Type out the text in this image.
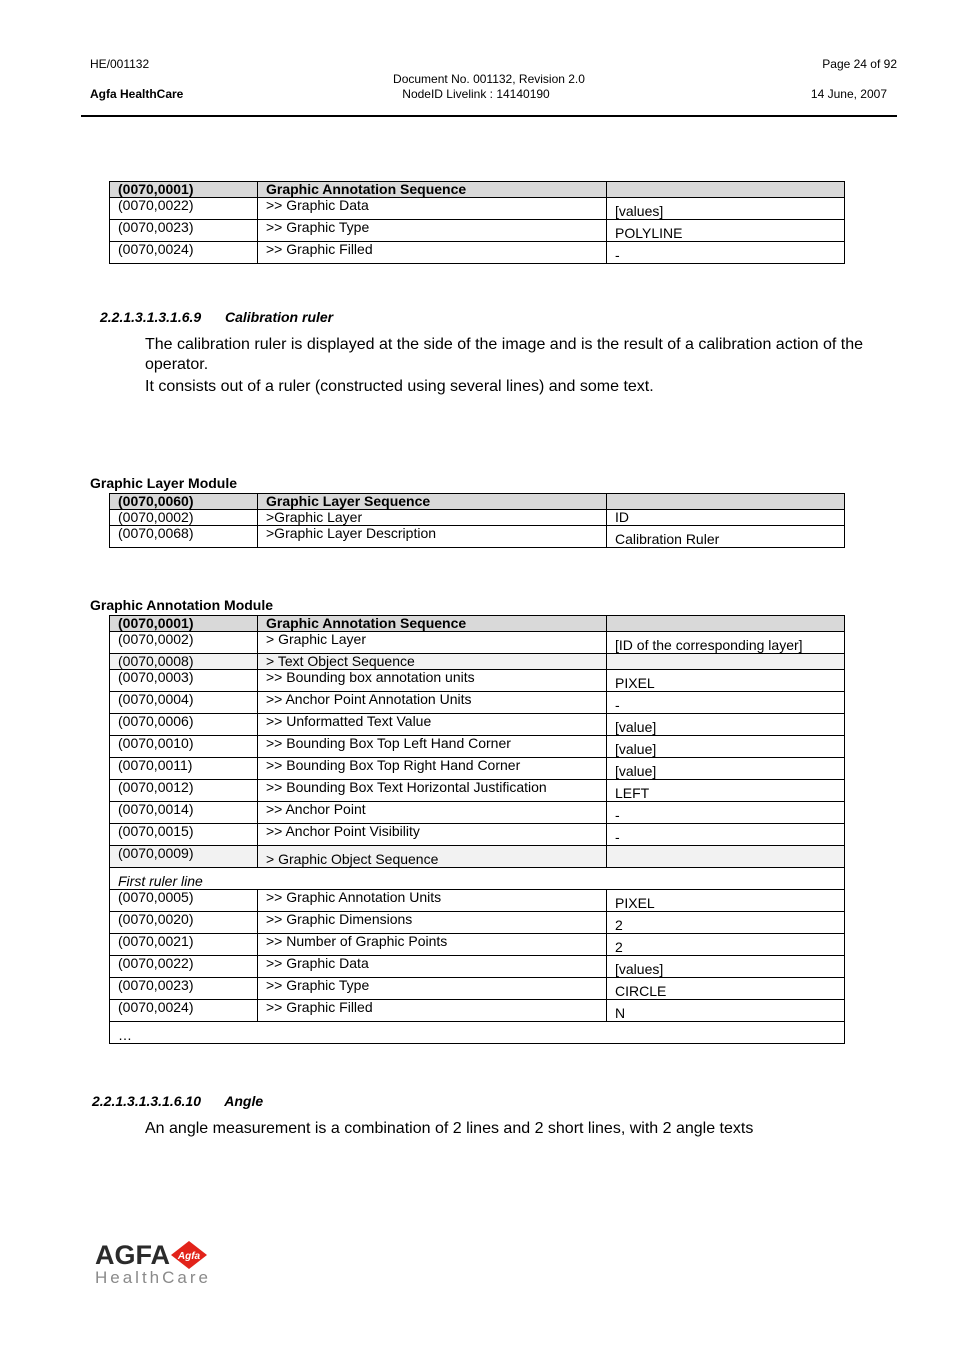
HE/001132
Agfa HealthCare
Document No. 001132, Revision 2.0
NodeID Livelink : 14140190
Page 24 of 92
14 June, 2007
(0070,0001)	Graphic Annotation Sequence	
(0070,0022)	>> Graphic Data	[values]
(0070,0023)	>> Graphic Type	POLYLINE
(0070,0024)	>> Graphic Filled	-
2.2.1.3.1.3.1.6.9 Calibration ruler
The calibration ruler is displayed at the side of the image and is the result of a calibration action of the operator.
It consists out of a ruler (constructed using several lines) and some text.
Graphic Layer Module
(0070,0060)	Graphic Layer Sequence	
(0070,0002)	>Graphic Layer	ID
(0070,0068)	>Graphic Layer Description	Calibration Ruler
Graphic Annotation Module
(0070,0001)	Graphic Annotation Sequence	
(0070,0002)	> Graphic Layer	[ID of the corresponding layer]
(0070,0008)	> Text Object Sequence	
(0070,0003)	>> Bounding box annotation units	PIXEL
(0070,0004)	>> Anchor Point Annotation Units	-
(0070,0006)	>> Unformatted Text Value	[value]
(0070,0010)	>> Bounding Box Top Left Hand Corner	[value]
(0070,0011)	>> Bounding Box Top Right Hand Corner	[value]
(0070,0012)	>> Bounding Box Text Horizontal Justification	LEFT
(0070,0014)	>> Anchor Point	-
(0070,0015)	>> Anchor Point Visibility	-
(0070,0009)	> Graphic Object Sequence	
First ruler line		
(0070,0005)	>> Graphic Annotation Units	PIXEL
(0070,0020)	>> Graphic Dimensions	2
(0070,0021)	>> Number of Graphic Points	2
(0070,0022)	>> Graphic Data	[values]
(0070,0023)	>> Graphic Type	CIRCLE
(0070,0024)	>> Graphic Filled	N
…		
2.2.1.3.1.3.1.6.10 Angle
An angle measurement is a combination of 2 lines and 2 short lines, with 2 angle texts
AGFA Agfa
HealthCare
